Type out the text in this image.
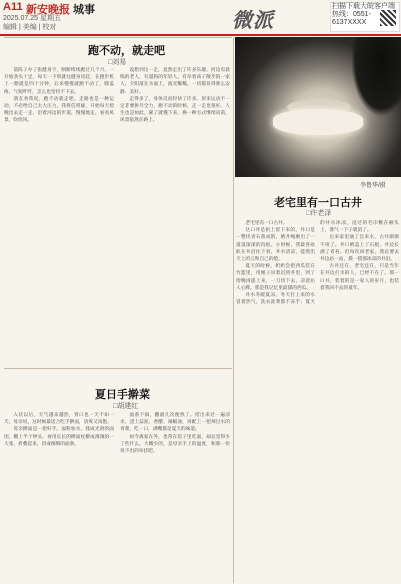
A11 新安晚报 城事
2025.07.25 星期五
编辑 | 美编 | 校对	微派
扫描下载大皖客户端 热线：0551-6137XXXX
跑不动，就走吧
□刘易

前阵子办了张健身卡，断断续续跑过几个月。一开始劲头十足，每天一下班就往健身房赶，在跑步机上一跑就是四十分钟，后来慢慢就跑不动了，膝盖疼，气喘吁吁，怎么也坚持不下去。

朋友劝我说，跑不动就走吧。走路也是一种运动，不必给自己太大压力。我将信将疑，开始每天傍晚出去走一走，沿着河边的步道，慢慢地走，看看风景，吹吹风。

没想到这一走，竟然走出了许多乐趣。河边有晨练的老人，有遛狗的年轻人，有牵着孩子散步的一家人。夕阳落在水面上，波光粼粼，一切都显得那么安静、美好。

走得多了，身体反而轻快了许多。原来运动不一定非要拼尽全力，跑不动的时候，走一走也很好。人生也是如此，累了就慢下来，换一种方式继续向前，风景依然在路上。

李鲁华/摄
老宅里有一口古井
□许老泽

老宅里有一口古井。

这口井是祖上留下来的，井口是一整块青石凿成的，被井绳磨出了一道道深深的沟痕。小时候，我最喜欢趴在井沿往下看，井水清凉，能照出天上的云和自己的脸。

夏天的时候，奶奶会把西瓜装在竹篮里，用绳子吊着沉到井里，到了傍晚再提上来，一刀切下去，凉意沁人心脾。那是我记忆里最甜的西瓜。

井水冬暖夏凉。冬天打上来的水冒着热气，洗衣洗菜都不冻手；夏天的井水冰凉，浸过的毛巾敷在额头上，暑气一下子就消了。

后来家里通了自来水，古井渐渐不用了。井口被盖上了石板，井边长满了青苔。但每次回老家，我总要去井边站一站，摸一摸那冰凉的井沿。

古井还在，老宅还在，只是当年在井边打水的人，已经不在了。那一口井，装着的是一家人的岁月，也装着我回不去的童年。

夏日手擀菜
□胡建红

入伏以后，天气越来越热，胃口也一天不如一天。母亲说，这时候最适合吃手擀面，清爽又顶饱。

母亲擀面是一把好手。面粉加水，揉成光滑的面团，醒上半个钟头，再用长长的擀面杖擀成薄薄的一大张，折叠起来，切成细细的面条。

面条下锅，翻滚几次便熟了。捞出来过一遍凉水，浇上蒜泥、香醋、辣椒油，再配上一把焯过水的青菜，吃一口，满嘴都是夏天的味道。

如今离家在外，也常在馆子里吃面，却总觉得少了些什么。大概少的，是母亲手上的温度，和那一份说不出的牵挂吧。
